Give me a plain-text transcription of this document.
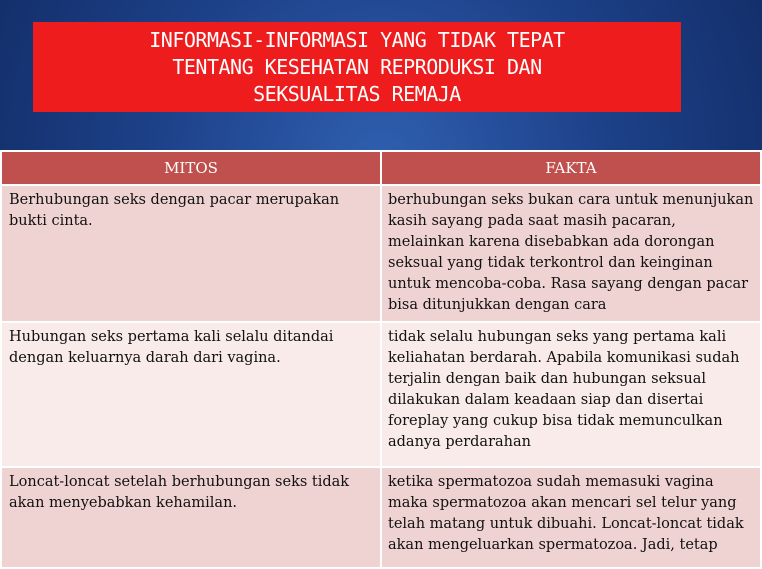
INFORMASI-INFORMASI YANG TIDAK TEPAT
TENTANG KESEHATAN REPRODUKSI DAN
SEKSUALITAS REMAJA
MITOS	FAKTA
Berhubungan seks dengan pacar merupakan bukti cinta.	berhubungan seks bukan cara untuk menunjukan kasih sayang pada saat masih pacaran, melainkan karena disebabkan ada dorongan seksual yang tidak terkontrol dan keinginan untuk mencoba-coba. Rasa sayang dengan pacar bisa ditunjukkan dengan cara
Hubungan seks pertama kali selalu ditandai dengan keluarnya darah dari vagina.	tidak selalu hubungan seks yang pertama kali keliahatan berdarah. Apabila komunikasi sudah terjalin dengan baik dan hubungan seksual dilakukan dalam keadaan siap dan disertai foreplay yang cukup bisa tidak memunculkan adanya perdarahan
Loncat-loncat setelah berhubungan seks tidak akan menyebabkan kehamilan.	ketika spermatozoa sudah memasuki vagina maka spermatozoa akan mencari sel telur yang telah matang untuk dibuahi. Loncat-loncat tidak akan mengeluarkan spermatozoa. Jadi, tetap
